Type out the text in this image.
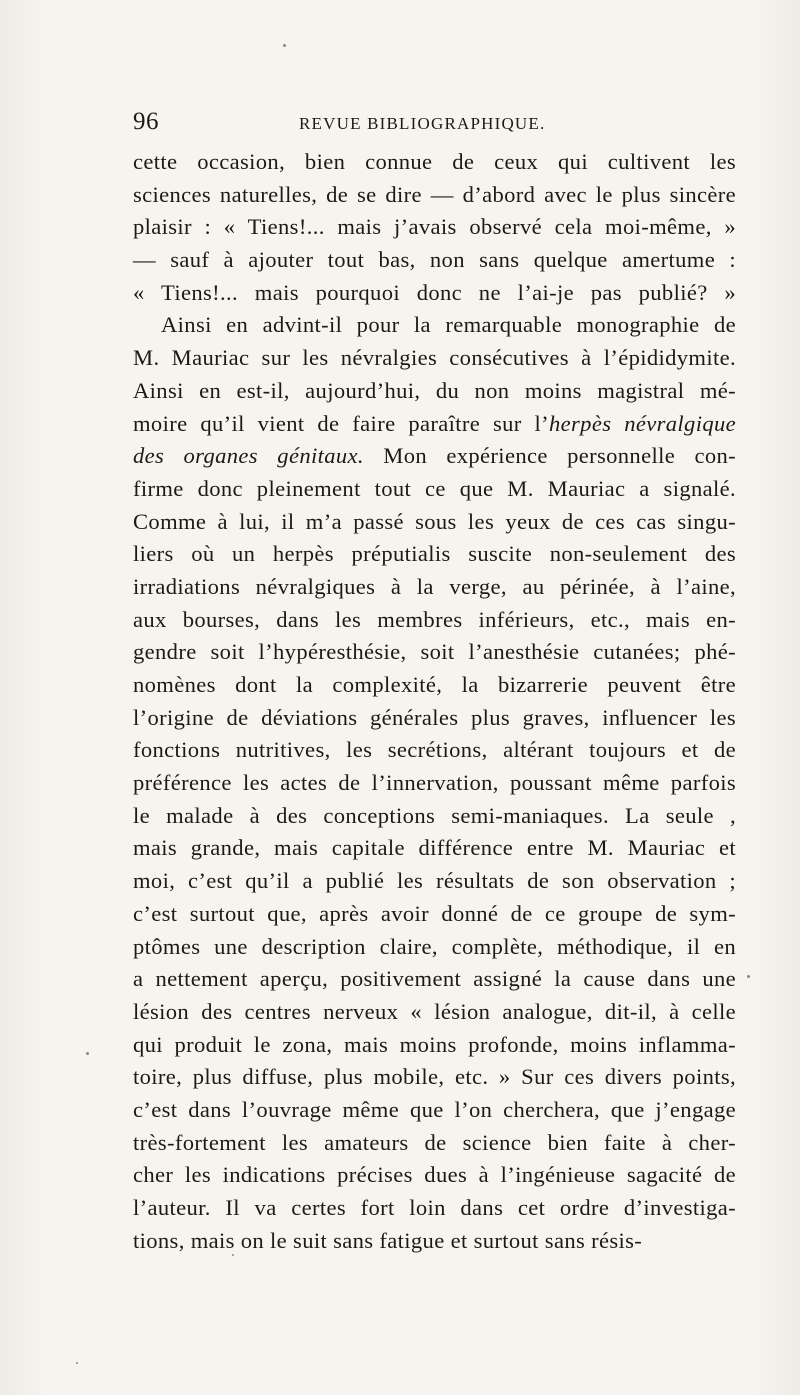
96	REVUE BIBLIOGRAPHIQUE.
cette occasion, bien connue de ceux qui cultivent les
sciences naturelles, de se dire — d’abord avec le plus sincère
plaisir : « Tiens!... mais j’avais observé cela moi-même, »
— sauf à ajouter tout bas, non sans quelque amertume :
« Tiens!... mais pourquoi donc ne l’ai-je pas publié? »
Ainsi en advint-il pour la remarquable monographie de
M. Mauriac sur les névralgies consécutives à l’épididymite.
Ainsi en est-il, aujourd’hui, du non moins magistral mé-
moire qu’il vient de faire paraître sur l’herpès névralgique
des organes génitaux. Mon expérience personnelle con-
firme donc pleinement tout ce que M. Mauriac a signalé.
Comme à lui, il m’a passé sous les yeux de ces cas singu-
liers où un herpès préputialis suscite non-seulement des
irradiations névralgiques à la verge, au périnée, à l’aine,
aux bourses, dans les membres inférieurs, etc., mais en-
gendre soit l’hypéresthésie, soit l’anesthésie cutanées; phé-
nomènes dont la complexité, la bizarrerie peuvent être
l’origine de déviations générales plus graves, influencer les
fonctions nutritives, les secrétions, altérant toujours et de
préférence les actes de l’innervation, poussant même parfois
le malade à des conceptions semi-maniaques. La seule ,
mais grande, mais capitale différence entre M. Mauriac et
moi, c’est qu’il a publié les résultats de son observation ;
c’est surtout que, après avoir donné de ce groupe de sym-
ptômes une description claire, complète, méthodique, il en
a nettement aperçu, positivement assigné la cause dans une
lésion des centres nerveux « lésion analogue, dit-il, à celle
qui produit le zona, mais moins profonde, moins inflamma-
toire, plus diffuse, plus mobile, etc. » Sur ces divers points,
c’est dans l’ouvrage même que l’on cherchera, que j’engage
très-fortement les amateurs de science bien faite à cher-
cher les indications précises dues à l’ingénieuse sagacité de
l’auteur. Il va certes fort loin dans cet ordre d’investiga-
tions, mais on le suit sans fatigue et surtout sans résis-
